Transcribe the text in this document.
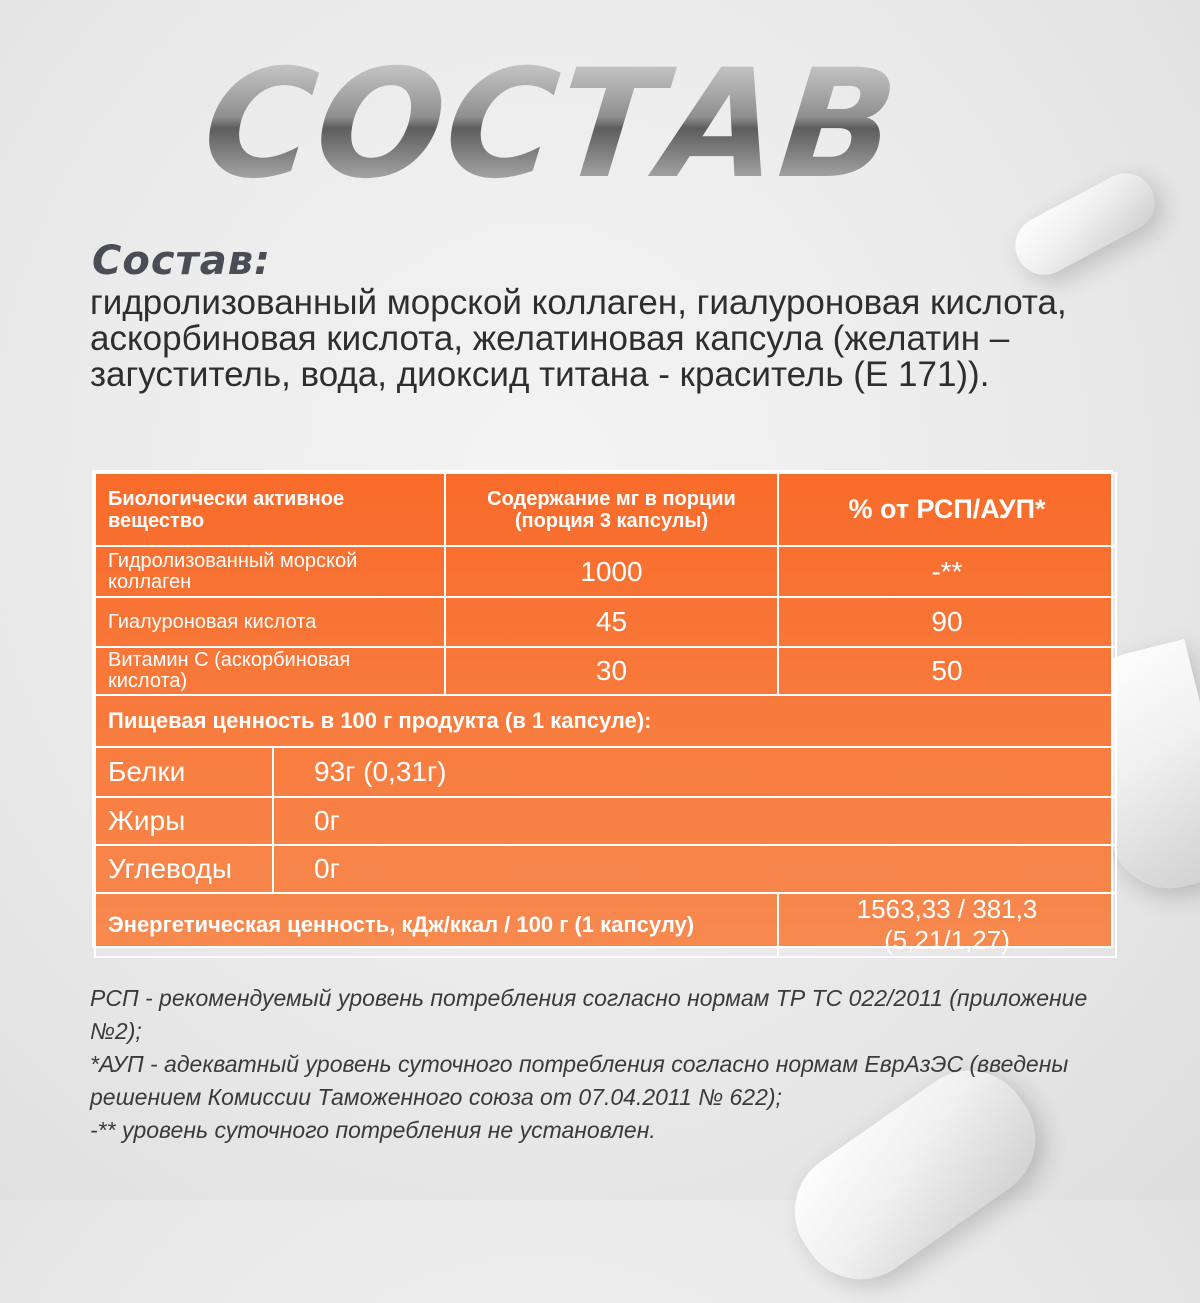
СОСТАВ
Состав:
гидролизованный морской коллаген, гиалуроновая кислота, аскорбиновая кислота, желатиновая капсула (желатин – загуститель, вода, диоксид титана - краситель (Е 171)).
Биологически активное вещество		Содержание мг в порции (порция 3 капсулы)	% от РСП/АУП*
Гидролизованный морской коллаген		1000	-**
Гиалуроновая кислота		45	90
Витамин С (аскорбиновая кислота)		30	50
Пищевая ценность в 100 г продукта (в 1 капсуле):			
Белки	93г (0,31г)		
Жиры	0г		
Углеводы	0г		
Энергетическая ценность, кДж/ккал / 100 г (1 капсулу)			1563,33 / 381,3 (5,21/1,27)

РСП - рекомендуемый уровень потребления согласно нормам ТР ТС 022/2011 (приложение №2);

*АУП - адекватный уровень суточного потребления согласно нормам ЕврАзЭС (введены решением Комиссии Таможенного союза от 07.04.2011 № 622);

-** уровень суточного потребления не установлен.
